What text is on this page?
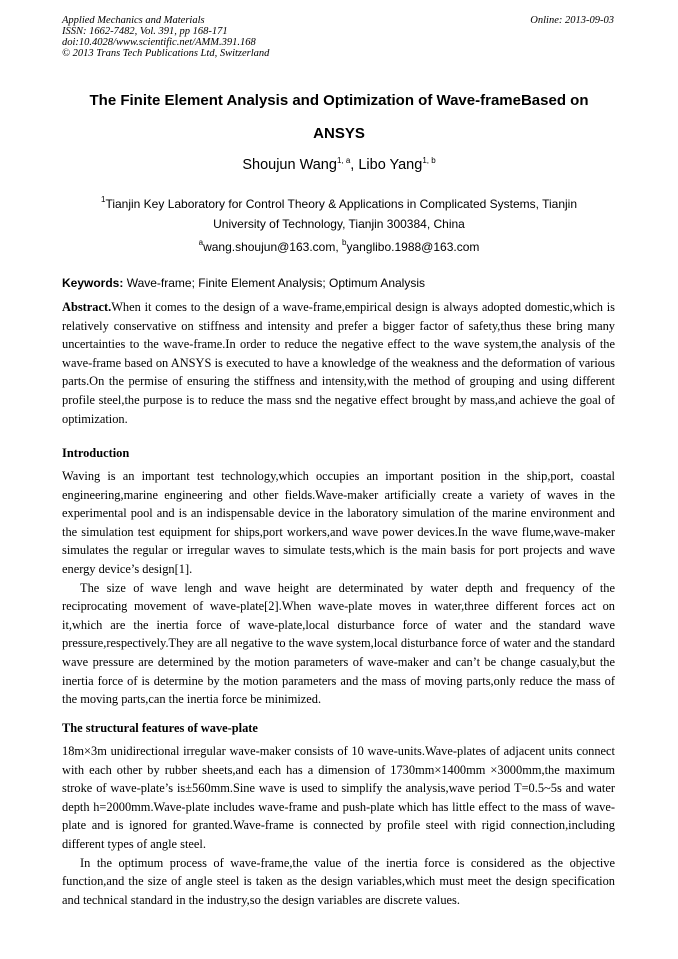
Applied Mechanics and Materials
ISSN: 1662-7482, Vol. 391, pp 168-171
doi:10.4028/www.scientific.net/AMM.391.168
© 2013 Trans Tech Publications Ltd, Switzerland
Online: 2013-09-03
The Finite Element Analysis and Optimization of Wave-frameBased on
ANSYS
Shoujun Wang$^{1, a}$, Libo Yang$^{1, b}$
$^1$Tianjin Key Laboratory for Control Theory & Applications in Complicated Systems, Tianjin
University of Technology, Tianjin 300384, China
$^a$wang.shoujun@163.com, $^b$yanglibo.1988@163.com
Keywords: Wave-frame; Finite Element Analysis; Optimum Analysis
Abstract.When it comes to the design of a wave-frame,empirical design is always adopted domestic,which is relatively conservative on stiffness and intensity and prefer a bigger factor of safety,thus these bring many uncertainties to the wave-frame.In order to reduce the negative effect to the wave system,the analysis of the wave-frame based on ANSYS is executed to have a knowledge of the weakness and the deformation of various parts.On the permise of ensuring the stiffness and intensity,with the method of grouping and using different profile steel,the purpose is to reduce the mass snd the negative effect brought by mass,and achieve the goal of optimization.
Introduction
Waving is an important test technology,which occupies an important position in the ship,port, coastal engineering,marine engineering and other fields.Wave-maker artificially create a variety of waves in the experimental pool and is an indispensable device in the laboratory simulation of the marine environment and the simulation test equipment for ships,port workers,and wave power devices.In the wave flume,wave-maker simulates the regular or irregular waves to simulate tests,which is the main basis for port projects and wave energy device’s design[1].
The size of wave lengh and wave height are determinated by water depth and frequency of the reciprocating movement of wave-plate[2].When wave-plate moves in water,three different forces act on it,which are the inertia force of wave-plate,local disturbance force of water and the standard wave pressure,respectively.They are all negative to the wave system,local disturbance force of water and the standard wave pressure are determined by the motion parameters of wave-maker and can’t be change casualy,but the inertia force of is determine by the motion parameters and the mass of moving parts,only reduce the mass of the moving parts,can the inertia force be minimized.
The structural features of wave-plate
18m×3m unidirectional irregular wave-maker consists of 10 wave-units.Wave-plates of adjacent units connect with each other by rubber sheets,and each has a dimension of 1730mm×1400mm ×3000mm,the maximum stroke of wave-plate’s is±560mm.Sine wave is used to simplify the analysis,wave period T=0.5~5s and water depth h=2000mm.Wave-plate includes wave-frame and push-plate which has little effect to the mass of wave-plate and is ignored for granted.Wave-frame is connected by profile steel with rigid connection,including different types of angle steel.
In the optimum process of wave-frame,the value of the inertia force is considered as the objective function,and the size of angle steel is taken as the design variables,which must meet the design specification and technical standard in the industry,so the design variables are discrete values.
